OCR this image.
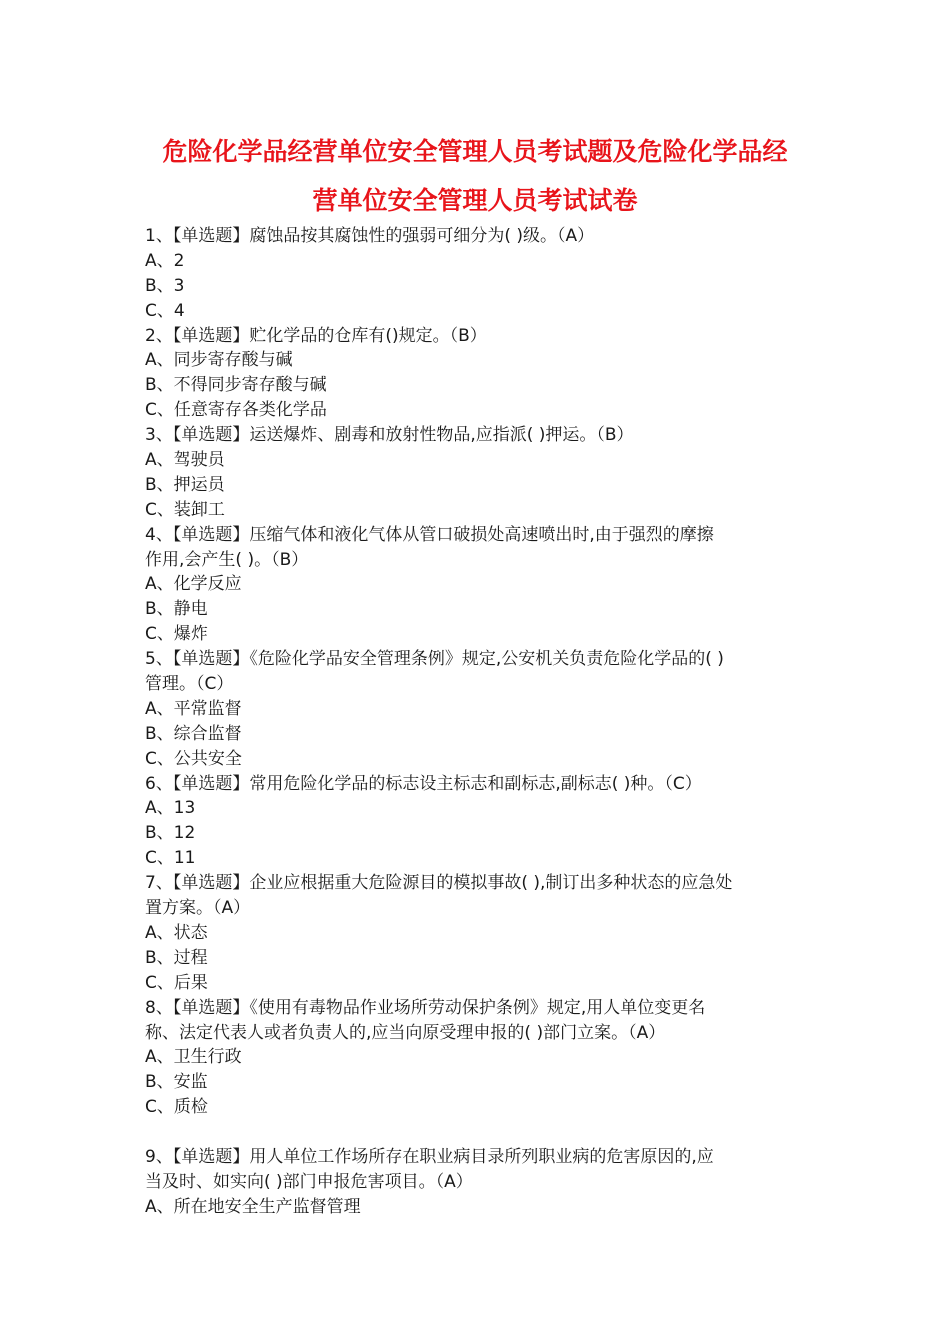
危险化学品经营单位安全管理人员考试题及危险化学品经
营单位安全管理人员考试试卷
1、【单选题】腐蚀品按其腐蚀性的强弱可细分为( )级。（A）
A、2
B、3
C、4
2、【单选题】贮化学品的仓库有()规定。（B）
A、同步寄存酸与碱
B、不得同步寄存酸与碱
C、任意寄存各类化学品
3、【单选题】运送爆炸、剧毒和放射性物品,应指派( )押运。（B）
A、驾驶员
B、押运员
C、装卸工
4、【单选题】压缩气体和液化气体从管口破损处高速喷出时,由于强烈的摩擦
作用,会产生( )。（B）
A、化学反应
B、静电
C、爆炸
5、【单选题】《危险化学品安全管理条例》规定,公安机关负责危险化学品的( )
管理。（C）
A、平常监督
B、综合监督
C、公共安全
6、【单选题】常用危险化学品的标志设主标志和副标志,副标志( )种。（C）
A、13
B、12
C、11
7、【单选题】企业应根据重大危险源目的模拟事故( ),制订出多种状态的应急处
置方案。（A）
A、状态
B、过程
C、后果
8、【单选题】《使用有毒物品作业场所劳动保护条例》规定,用人单位变更名
称、法定代表人或者负责人的,应当向原受理申报的( )部门立案。（A）
A、卫生行政
B、安监
C、质检
9、【单选题】用人单位工作场所存在职业病目录所列职业病的危害原因的,应
当及时、如实向( )部门申报危害项目。（A）
A、所在地安全生产监督管理
